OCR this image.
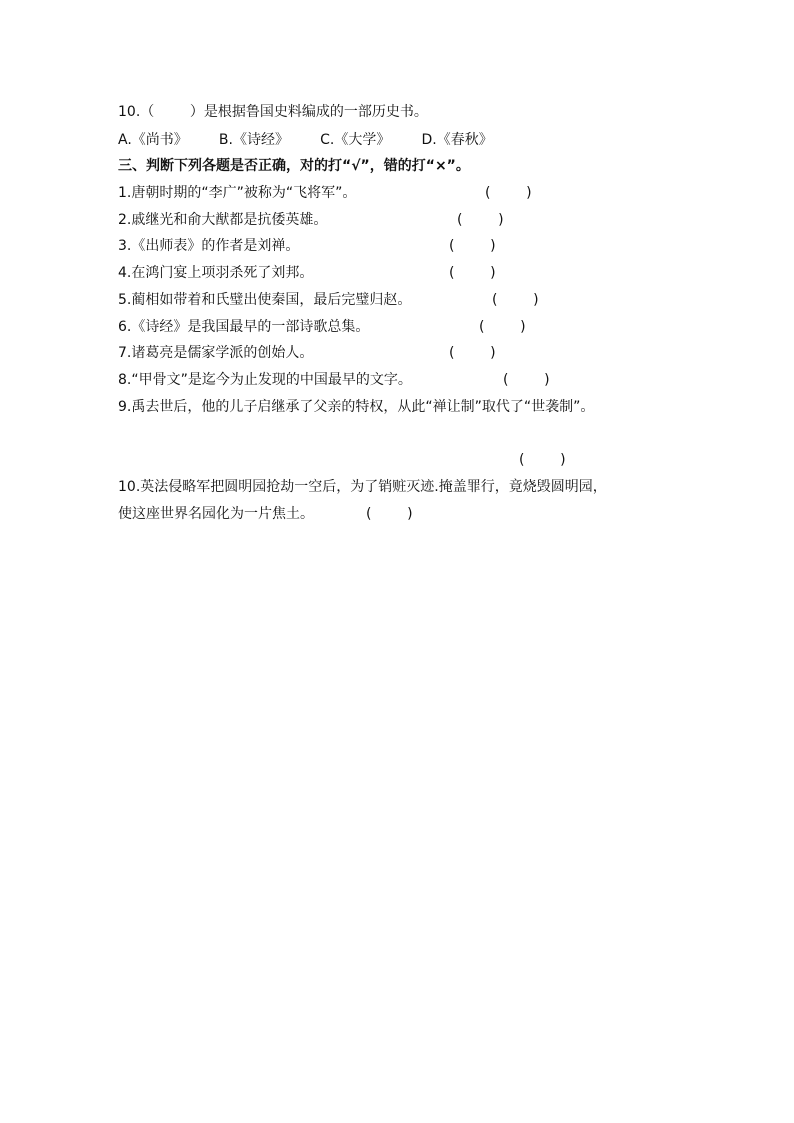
10.（        ）是根据鲁国史料编成的一部历史书。
A.《尚书》       B.《诗经》       C.《大学》       D.《春秋》
三、判断下列各题是否正确，对的打“√”，错的打“×”。
1.唐朝时期的“李广”被称为“飞将军”。	(        )
2.戚继光和俞大猷都是抗倭英雄。	(        )
3.《出师表》的作者是刘禅。	(        )
4.在鸿门宴上项羽杀死了刘邦。	(        )
5.蔺相如带着和氏璧出使秦国，最后完璧归赵。	(        )
6.《诗经》是我国最早的一部诗歌总集。	(        )
7.诸葛亮是儒家学派的创始人。	(        )
8.“甲骨文”是迄今为止发现的中国最早的文字。	(        )
9.禹去世后，他的儿子启继承了父亲的特权，从此“禅让制”取代了“世袭制”。
(        )
10.英法侵略军把圆明园抢劫一空后，为了销赃灭迹.掩盖罪行，竟烧毁圆明园，
使这座世界名园化为一片焦土。	(        )
